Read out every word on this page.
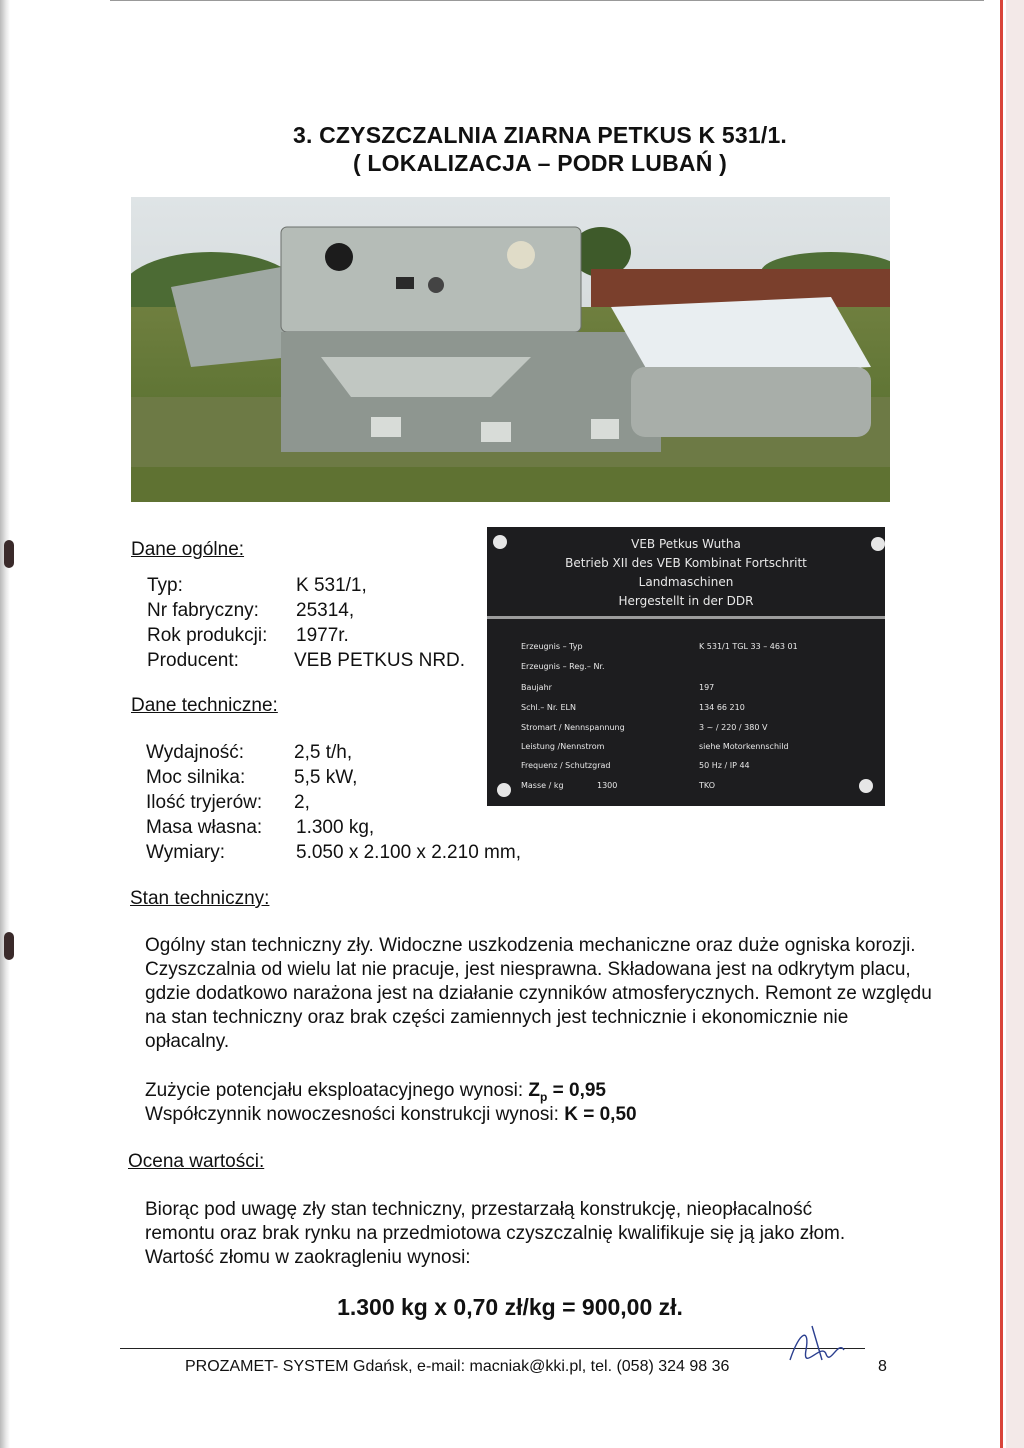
3. CZYSZCZALNIA ZIARNA PETKUS K 531/1.
( LOKALIZACJA – PODR LUBAŃ )
Dane ogólne:
Typ:	K 531/1,
Nr fabryczny: 25314,
Rok produkcji: 1977r.
Producent:	VEB PETKUS NRD.
Dane techniczne:
Wydajność:	2,5 t/h,
Moc silnika:	5,5 kW,
Ilość tryjerów: 2,
Masa własna: 1.300 kg,
Wymiary:	5.050 x 2.100 x 2.210 mm,
VEB Petkus Wutha
Betrieb XII des VEB Kombinat Fortschritt
Landmaschinen
Hergestellt in der DDR
Erzeugnis – Typ	K 531/1 TGL 33 – 463 01
Erzeugnis – Reg.– Nr.
Baujahr	197
Schl.– Nr. ELN	134 66 210
Stromart / Nennspannung	3 ~ / 220 / 380 V
Leistung /Nennstrom	siehe Motorkennschild
Frequenz / Schutzgrad	50 Hz / IP 44
Masse / kg	1300	TKO
Stan techniczny:
Ogólny stan techniczny zły. Widoczne uszkodzenia mechaniczne oraz duże ogniska korozji. Czyszczalnia od wielu lat nie pracuje, jest niesprawna. Składowana jest na odkrytym placu, gdzie dodatkowo narażona jest na działanie czynników atmosferycznych. Remont ze względu na stan techniczny oraz brak części zamiennych jest technicznie i ekonomicznie nie opłacalny.
Zużycie potencjału eksploatacyjnego wynosi: $Z_p = 0,95$
Współczynnik nowoczesności konstrukcji wynosi: K = 0,50
Ocena wartości:
Biorąc pod uwagę zły stan techniczny, przestarzałą konstrukcję, nieopłacalność remontu oraz brak rynku na przedmiotowa czyszczalnię kwalifikuje się ją jako złom. Wartość złomu w zaokragleniu wynosi:
1.300 kg x 0,70 zł/kg = 900,00 zł.
PROZAMET- SYSTEM Gdańsk, e-mail: macniak@kki.pl, tel. (058) 324 98 36	8
